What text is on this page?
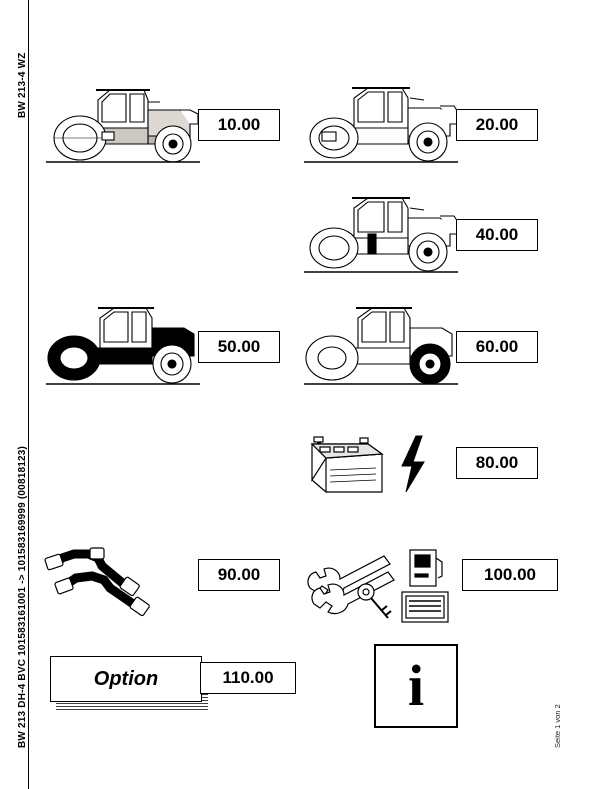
BW 213-4 WZ
BW 213 DH-4 BVC 101583161001 -> 101583169999 (00818123)	Seite 1 von 2
10.00	20.00
40.00
50.00	60.00
80.00
90.00	100.00
Option	110.00	i
